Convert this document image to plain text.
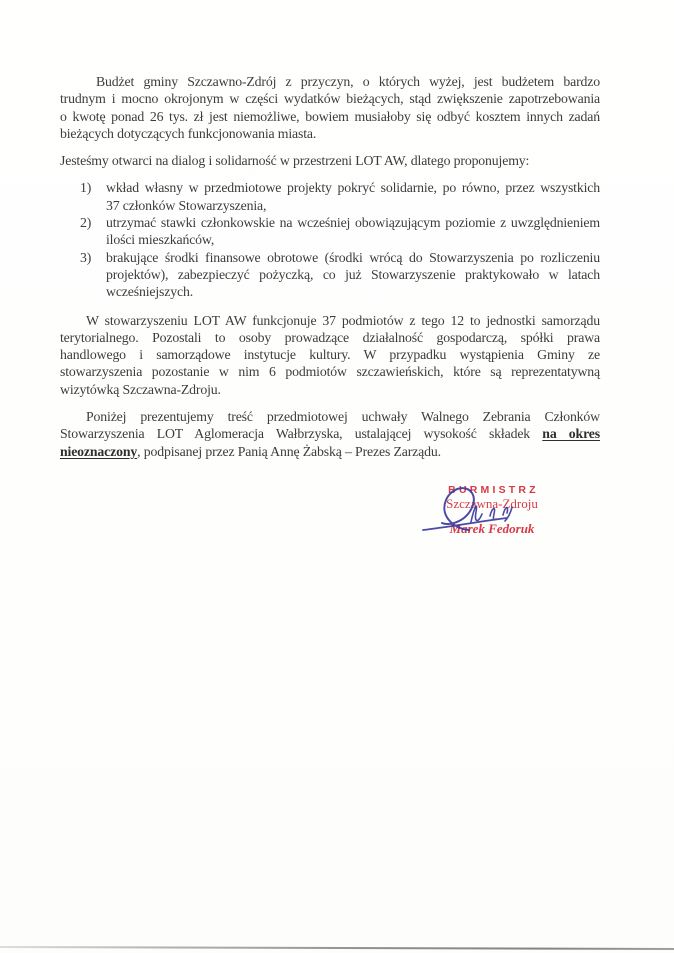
Budżet gminy Szczawno-Zdrój z przyczyn, o których wyżej, jest budżetem bardzo
trudnym i mocno okrojonym w części wydatków bieżących, stąd zwiększenie zapotrzebowania
o kwotę ponad 26 tys. zł jest niemożliwe, bowiem musiałoby się odbyć kosztem innych zadań
bieżących dotyczących funkcjonowania miasta.
Jesteśmy otwarci na dialog i solidarność w przestrzeni LOT AW, dlatego proponujemy:
1)	wkład własny w przedmiotowe projekty pokryć solidarnie, po równo, przez wszystkich
37 członków Stowarzyszenia,
2)	utrzymać stawki członkowskie na wcześniej obowiązującym poziomie z uwzględnieniem
ilości mieszkańców,
3)	brakujące środki finansowe obrotowe (środki wrócą do Stowarzyszenia po rozliczeniu
projektów), zabezpieczyć pożyczką, co już Stowarzyszenie praktykowało w latach
wcześniejszych.
W stowarzyszeniu LOT AW funkcjonuje 37 podmiotów z tego 12 to jednostki samorządu
terytorialnego. Pozostali to osoby prowadzące działalność gospodarczą, spółki prawa
handlowego i samorządowe instytucje kultury. W przypadku wystąpienia Gminy ze
stowarzyszenia pozostanie w nim 6 podmiotów szczawieńskich, które są reprezentatywną
wizytówką Szczawna-Zdroju.
Poniżej prezentujemy treść przedmiotowej uchwały Walnego Zebrania Członków
Stowarzyszenia LOT Aglomeracja Wałbrzyska, ustalającej wysokość składek na okres
nieoznaczony, podpisanej przez Panią Annę Żabską – Prezes Zarządu.
BURMISTRZ
Szczawna-Zdroju
Marek Fedoruk
